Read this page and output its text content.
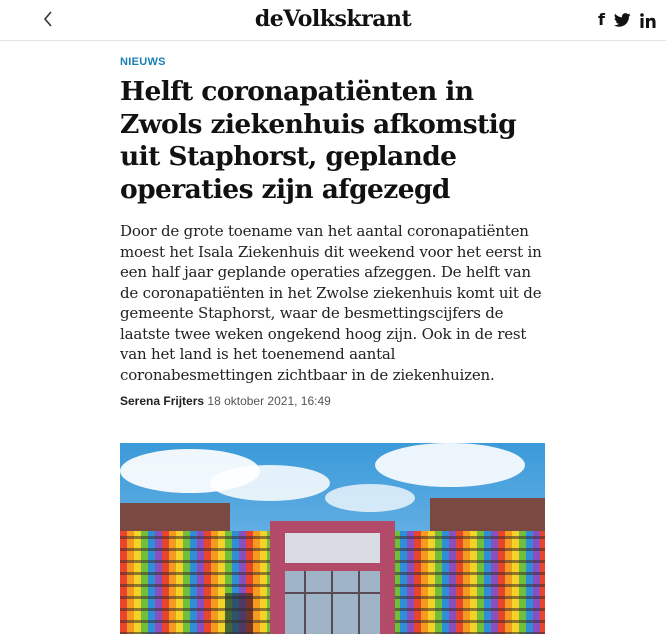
deVolkskrant	f
NIEUWS
Helft coronapatiënten in Zwols ziekenhuis afkomstig uit Staphorst, geplande operaties zijn afgezegd

Door de grote toename van het aantal coronapatiënten moest het Isala Ziekenhuis dit weekend voor het eerst in een half jaar geplande operaties afzeggen. De helft van de coronapatiënten in het Zwolse ziekenhuis komt uit de gemeente Staphorst, waar de besmettingscijfers de laatste twee weken ongekend hoog zijn. Ook in de rest van het land is het toenemend aantal coronabesmettingen zichtbaar in de ziekenhuizen.

Serena Frijters 18 oktober 2021, 16:49
